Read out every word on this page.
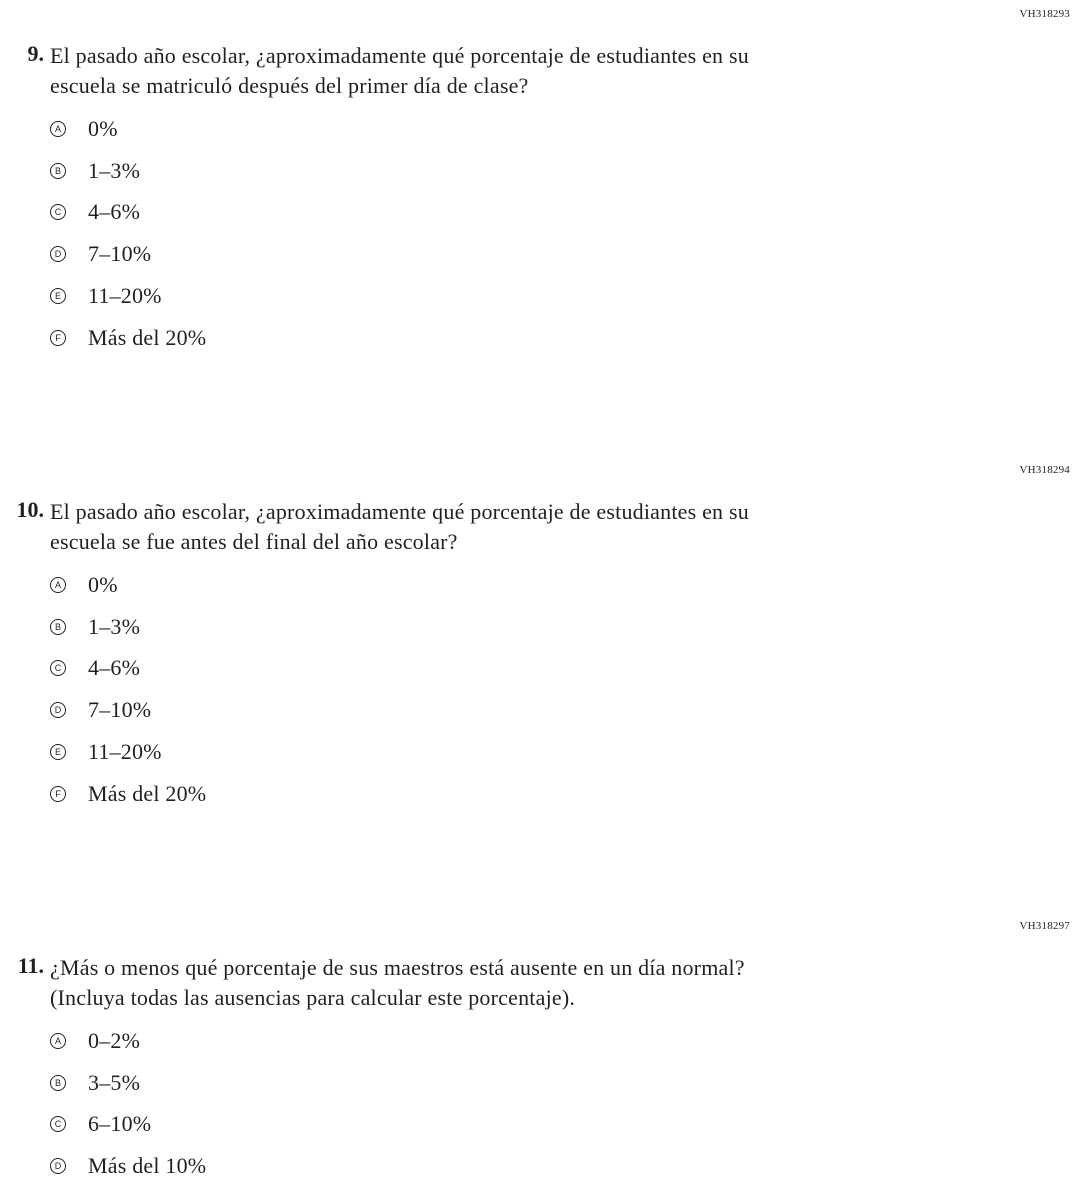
VH318293
9. El pasado año escolar, ¿aproximadamente qué porcentaje de estudiantes en su
escuela se matriculó después del primer día de clase?
A 0%
B 1–3%
C 4–6%
D 7–10%
E 11–20%
F Más del 20%
VH318294
10. El pasado año escolar, ¿aproximadamente qué porcentaje de estudiantes en su
escuela se fue antes del final del año escolar?
A 0%
B 1–3%
C 4–6%
D 7–10%
E 11–20%
F Más del 20%
VH318297
11. ¿Más o menos qué porcentaje de sus maestros está ausente en un día normal?
(Incluya todas las ausencias para calcular este porcentaje).
A 0–2%
B 3–5%
C 6–10%
D Más del 10%
